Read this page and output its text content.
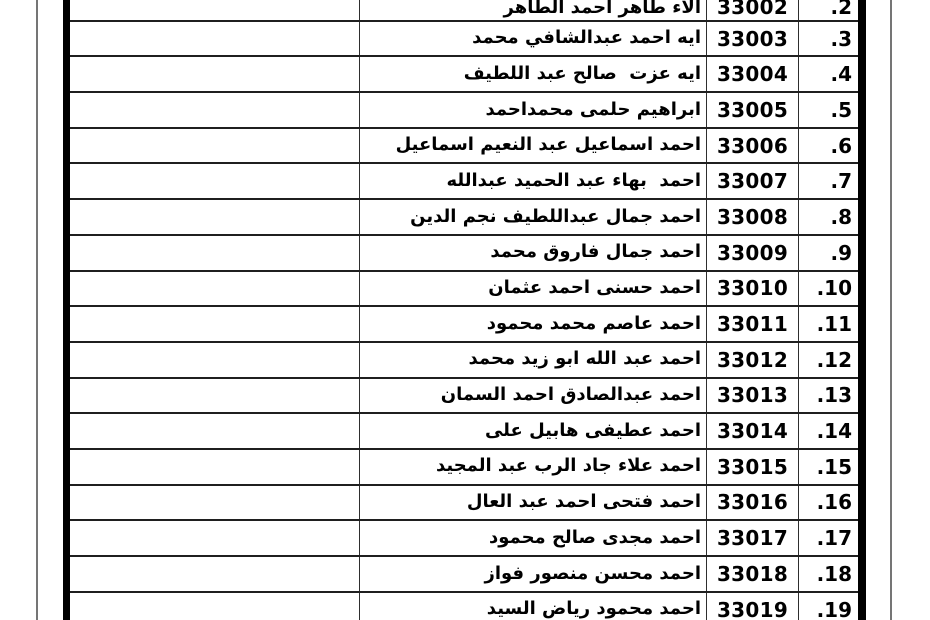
الاء طاهر احمد الطاهر 33002	.2
ايه احمد عبدالشافي محمد 33003	.3
ايه عزت  صالح عبد اللطيف 33004	.4
ابراهيم حلمى محمداحمد 33005	.5
احمد اسماعيل عبد النعيم اسماعيل 33006	.6
احمد  بهاء عبد الحميد عبدالله 33007	.7
احمد جمال عبداللطيف نجم الدين 33008	.8
احمد جمال فاروق محمد 33009	.9
احمد حسنى احمد عثمان 33010	.10
احمد عاصم محمد محمود 33011	.11
احمد عبد الله ابو زيد محمد 33012	.12
احمد عبدالصادق احمد السمان 33013	.13
احمد عطيفى هابيل على 33014	.14
احمد علاء جاد الرب عبد المجيد 33015	.15
احمد فتحى احمد عبد العال 33016	.16
احمد مجدى صالح محمود 33017	.17
احمد محسن منصور فواز 33018	.18
احمد محمود رياض السيد 33019	.19
